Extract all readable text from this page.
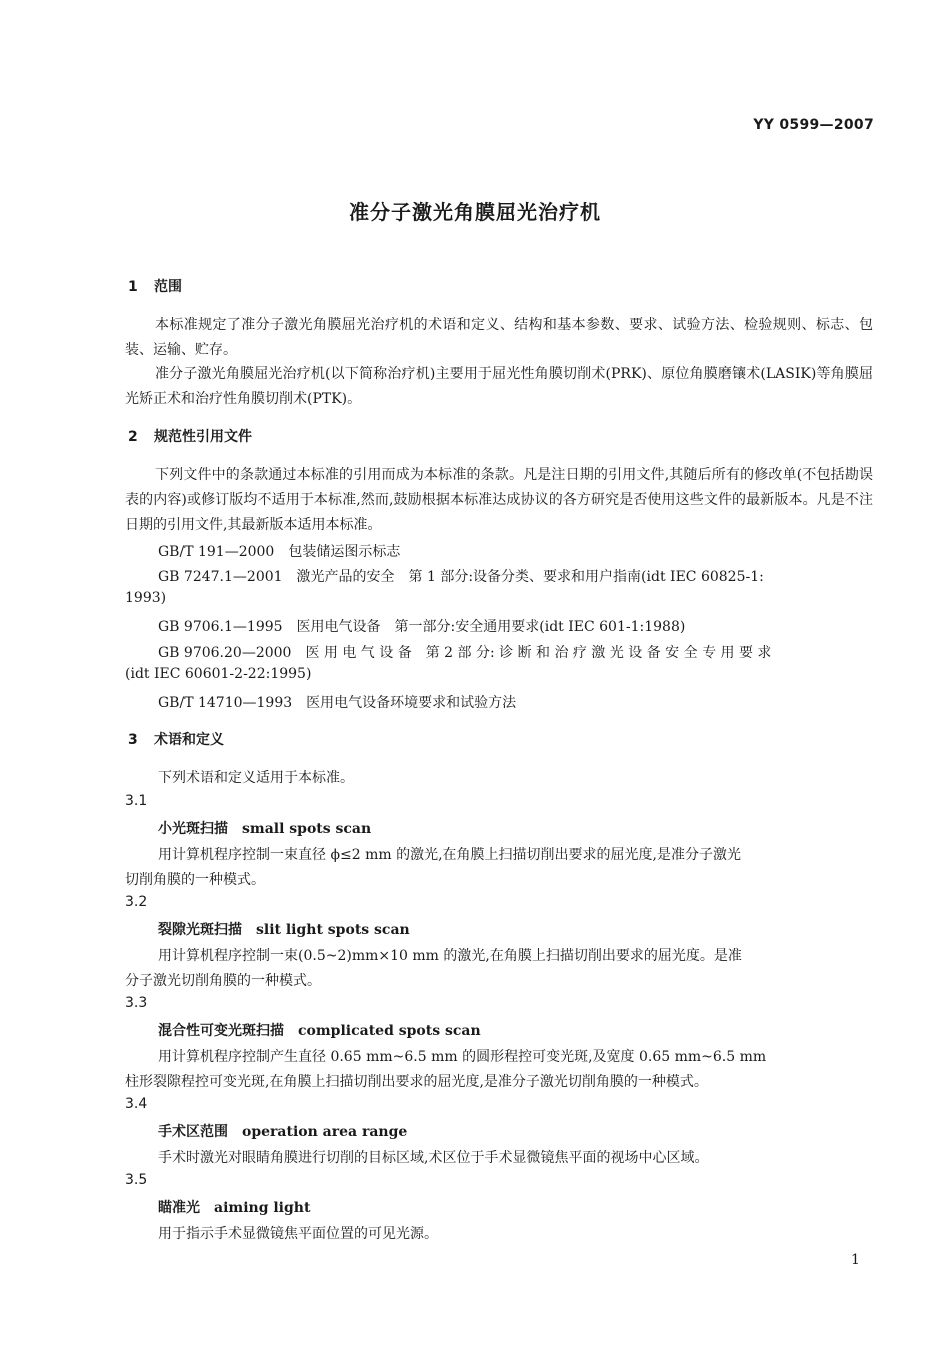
YY 0599—2007
准分子激光角膜屈光治疗机
1 范围
本标准规定了准分子激光角膜屈光治疗机的术语和定义、结构和基本参数、要求、试验方法、检验规则、标志、包装、运输、贮存。
准分子激光角膜屈光治疗机(以下简称治疗机)主要用于屈光性角膜切削术(PRK)、原位角膜磨镶术(LASIK)等角膜屈光矫正术和治疗性角膜切削术(PTK)。
2 规范性引用文件
下列文件中的条款通过本标准的引用而成为本标准的条款。凡是注日期的引用文件,其随后所有的修改单(不包括勘误表的内容)或修订版均不适用于本标准,然而,鼓励根据本标准达成协议的各方研究是否使用这些文件的最新版本。凡是不注日期的引用文件,其最新版本适用本标准。
GB/T 191—2000　包装储运图示标志
GB 7247.1—2001　激光产品的安全　第 1 部分:设备分类、要求和用户指南(idt IEC 60825-1:
1993)
GB 9706.1—1995　医用电气设备　第一部分:安全通用要求(idt IEC 601-1:1988)
GB 9706.20—2000　医 用 电 气 设 备　第 2 部 分: 诊 断 和 治 疗 激 光 设 备 安 全 专 用 要 求
(idt IEC 60601-2-22:1995)
GB/T 14710—1993　医用电气设备环境要求和试验方法
3 术语和定义
下列术语和定义适用于本标准。
3.1
小光斑扫描 small spots scan
用计算机程序控制一束直径 ϕ≤2 mm 的激光,在角膜上扫描切削出要求的屈光度,是准分子激光
切削角膜的一种模式。
3.2
裂隙光斑扫描 slit light spots scan
用计算机程序控制一束(0.5~2)mm×10 mm 的激光,在角膜上扫描切削出要求的屈光度。是准
分子激光切削角膜的一种模式。
3.3
混合性可变光斑扫描 complicated spots scan
用计算机程序控制产生直径 0.65 mm~6.5 mm 的圆形程控可变光斑,及宽度 0.65 mm~6.5 mm
柱形裂隙程控可变光斑,在角膜上扫描切削出要求的屈光度,是准分子激光切削角膜的一种模式。
3.4
手术区范围 operation area range
手术时激光对眼睛角膜进行切削的目标区域,术区位于手术显微镜焦平面的视场中心区域。
3.5
瞄准光 aiming light
用于指示手术显微镜焦平面位置的可见光源。
1
